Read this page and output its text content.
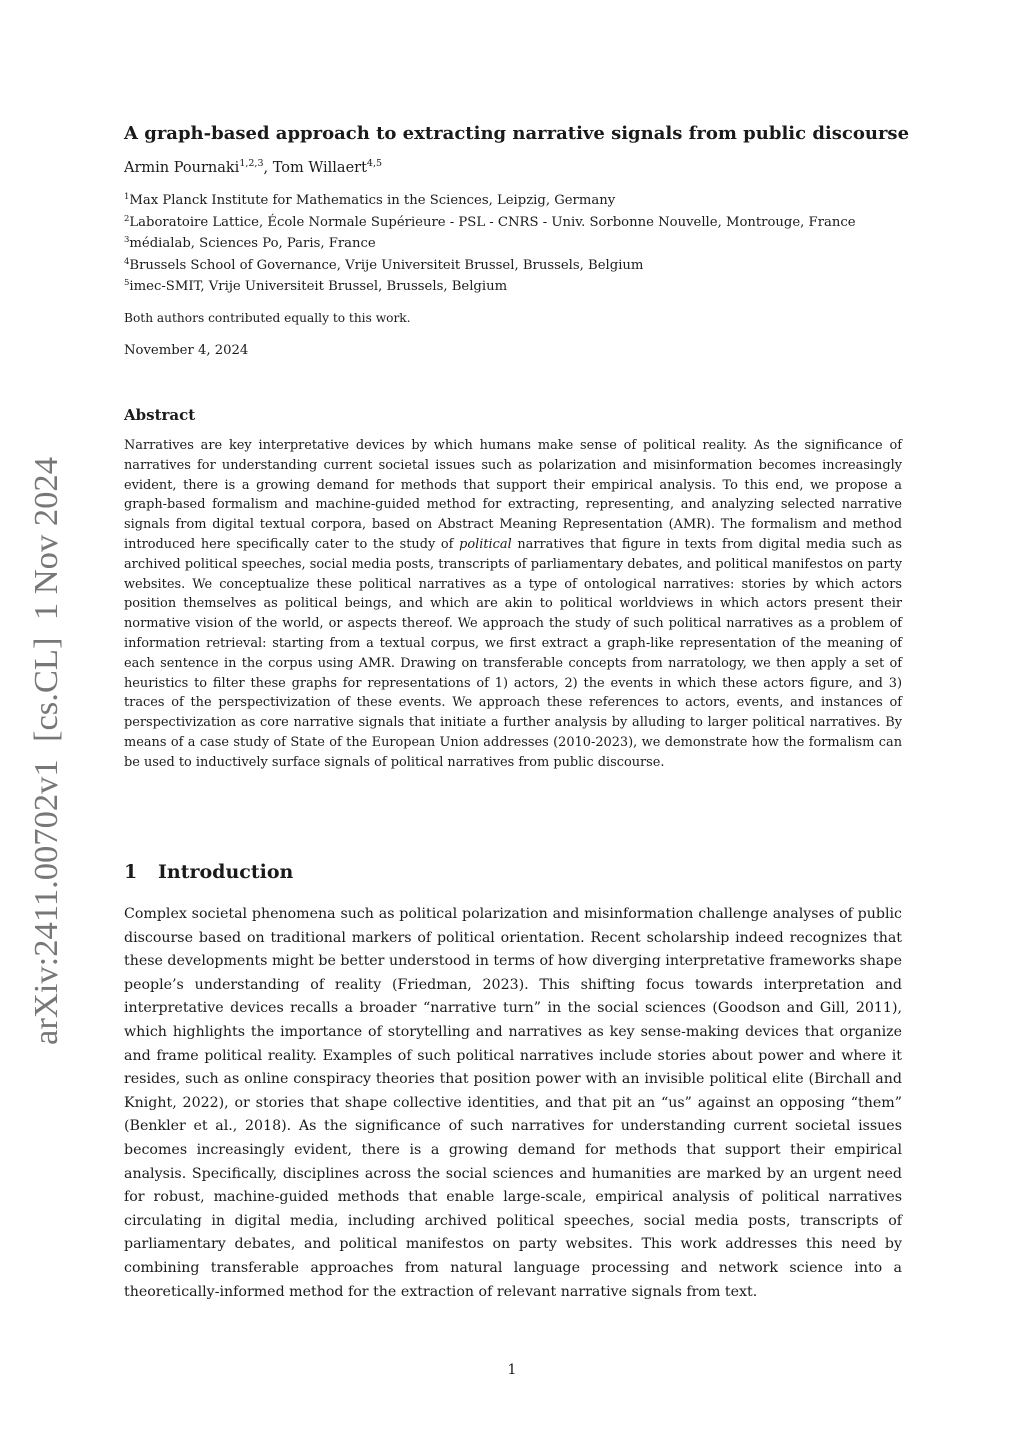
arXiv:2411.00702v1  [cs.CL]  1 Nov 2024
A graph-based approach to extracting narrative signals from public discourse
Armin Pournaki$^{1,2,3}$, Tom Willaert$^{4,5}$
$^1$Max Planck Institute for Mathematics in the Sciences, Leipzig, Germany
$^2$Laboratoire Lattice, École Normale Supérieure - PSL - CNRS - Univ. Sorbonne Nouvelle, Montrouge, France
$^3$médialab, Sciences Po, Paris, France
$^4$Brussels School of Governance, Vrije Universiteit Brussel, Brussels, Belgium
$^5$imec-SMIT, Vrije Universiteit Brussel, Brussels, Belgium
Both authors contributed equally to this work.
November 4, 2024
Abstract
Narratives are key interpretative devices by which humans make sense of political reality. As the significance of narratives for understanding current societal issues such as polarization and misinformation becomes increasingly evident, there is a growing demand for methods that support their empirical analysis. To this end, we propose a graph-based formalism and machine-guided method for extracting, representing, and analyzing selected narrative signals from digital textual corpora, based on Abstract Meaning Representation (AMR). The formalism and method introduced here specifically cater to the study of political narratives that figure in texts from digital media such as archived political speeches, social media posts, transcripts of parliamentary debates, and political manifestos on party websites. We conceptualize these political narratives as a type of ontological narratives: stories by which actors position themselves as political beings, and which are akin to political worldviews in which actors present their normative vision of the world, or aspects thereof. We approach the study of such political narratives as a problem of information retrieval: starting from a textual corpus, we first extract a graph-like representation of the meaning of each sentence in the corpus using AMR. Drawing on transferable concepts from narratology, we then apply a set of heuristics to filter these graphs for representations of 1) actors, 2) the events in which these actors figure, and 3) traces of the perspectivization of these events. We approach these references to actors, events, and instances of perspectivization as core narrative signals that initiate a further analysis by alluding to larger political narratives. By means of a case study of State of the European Union addresses (2010-2023), we demonstrate how the formalism can be used to inductively surface signals of political narratives from public discourse.
1 Introduction
Complex societal phenomena such as political polarization and misinformation challenge analyses of public discourse based on traditional markers of political orientation. Recent scholarship indeed recognizes that these developments might be better understood in terms of how diverging interpretative frameworks shape people’s understanding of reality (Friedman, 2023). This shifting focus towards interpretation and interpretative devices recalls a broader “narrative turn” in the social sciences (Goodson and Gill, 2011), which highlights the importance of storytelling and narratives as key sense-making devices that organize and frame political reality. Examples of such political narratives include stories about power and where it resides, such as online conspiracy theories that position power with an invisible political elite (Birchall and Knight, 2022), or stories that shape collective identities, and that pit an “us” against an opposing “them” (Benkler et al., 2018). As the significance of such narratives for understanding current societal issues becomes increasingly evident, there is a growing demand for methods that support their empirical analysis. Specifically, disciplines across the social sciences and humanities are marked by an urgent need for robust, machine-guided methods that enable large-scale, empirical analysis of political narratives circulating in digital media, including archived political speeches, social media posts, transcripts of parliamentary debates, and political manifestos on party websites. This work addresses this need by combining transferable approaches from natural language processing and network science into a theoretically-informed method for the extraction of relevant narrative signals from text.
1
